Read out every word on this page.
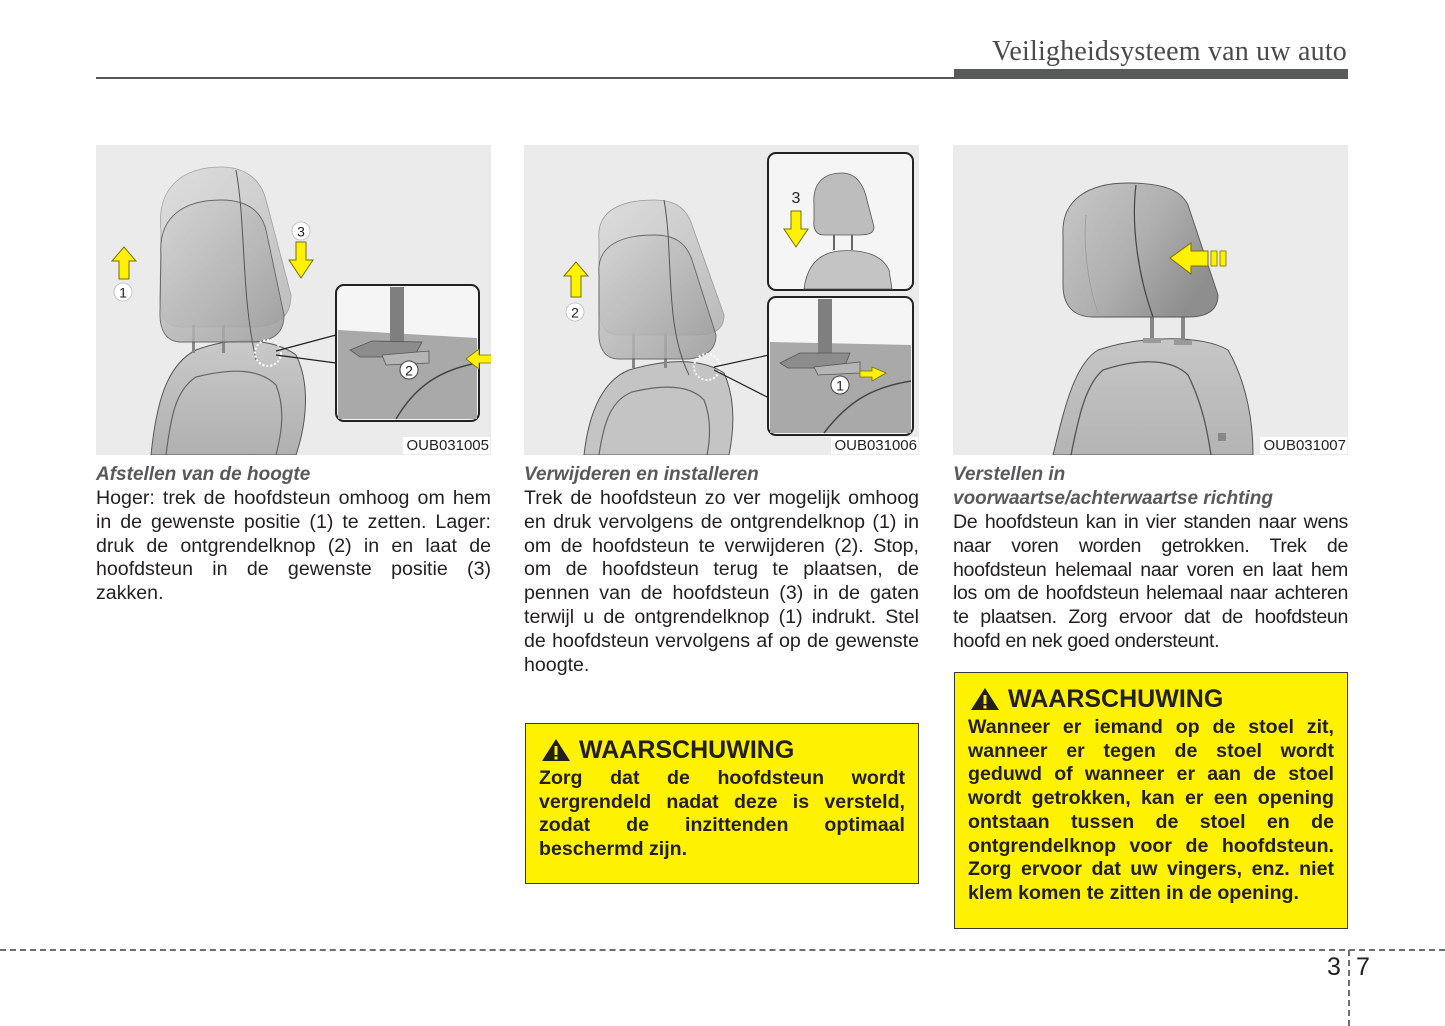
Veiligheidsysteem van uw auto
2
1
3
OUB031005
Afstellen van de hoogte
Hoger: trek de hoofdsteun omhoog om hem in de gewenste positie (1) te zetten. Lager: druk de ontgrendelknop (2) in en laat de hoofdsteun in de gewenste positie (3) zakken.
3
1
2
OUB031006
Verwijderen en installeren
Trek de hoofdsteun zo ver mogelijk omhoog en druk vervolgens de ontgrendelknop (1) in om de hoofdsteun te verwijderen (2). Stop, om de hoofdsteun terug te plaatsen, de pennen van de hoofdsteun (3) in de gaten terwijl u de ontgrendelknop (1) indrukt. Stel de hoofdsteun vervolgens af op de gewenste hoogte.
WAARSCHUWING
Zorg dat de hoofdsteun wordt vergrendeld nadat deze is versteld, zodat de inzittenden optimaal beschermd zijn.
OUB031007
Verstellen in
voorwaartse/achterwaartse richting
De hoofdsteun kan in vier standen naar wens naar voren worden getrokken. Trek de hoofdsteun helemaal naar voren en laat hem los om de hoofdsteun helemaal naar achteren te plaatsen. Zorg ervoor dat de hoofdsteun hoofd en nek goed ondersteunt.
WAARSCHUWING
Wanneer er iemand op de stoel zit, wanneer er tegen de stoel wordt geduwd of wanneer er aan de stoel wordt getrokken, kan er een opening ontstaan tussen de stoel en de ontgrendelknop voor de hoofdsteun. Zorg ervoor dat uw vingers, enz. niet klem komen te zitten in de opening.
3 7
